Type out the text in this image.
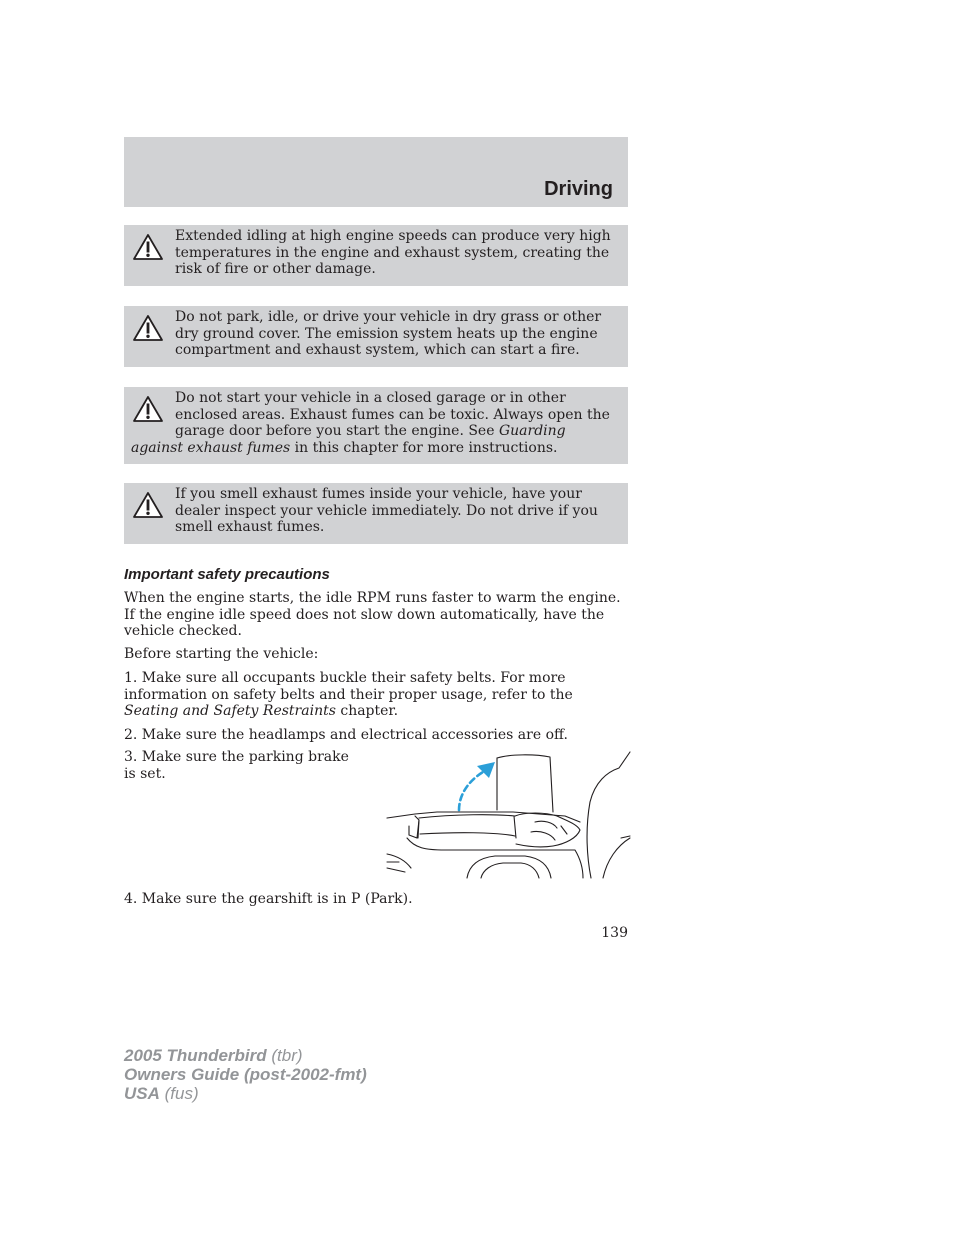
Driving
Extended idling at high engine speeds can produce very high temperatures in the engine and exhaust system, creating the risk of fire or other damage.
Do not park, idle, or drive your vehicle in dry grass or other dry ground cover. The emission system heats up the engine compartment and exhaust system, which can start a fire.
Do not start your vehicle in a closed garage or in other enclosed areas. Exhaust fumes can be toxic. Always open the garage door before you start the engine. See Guarding against exhaust fumes in this chapter for more instructions.
If you smell exhaust fumes inside your vehicle, have your dealer inspect your vehicle immediately. Do not drive if you smell exhaust fumes.
Important safety precautions
When the engine starts, the idle RPM runs faster to warm the engine. If the engine idle speed does not slow down automatically, have the vehicle checked.
Before starting the vehicle:
1. Make sure all occupants buckle their safety belts. For more information on safety belts and their proper usage, refer to the Seating and Safety Restraints chapter.
2. Make sure the headlamps and electrical accessories are off.
3. Make sure the parking brake is set.
4. Make sure the gearshift is in P (Park).
139
2005 Thunderbird (tbr)
Owners Guide (post-2002-fmt)
USA (fus)
